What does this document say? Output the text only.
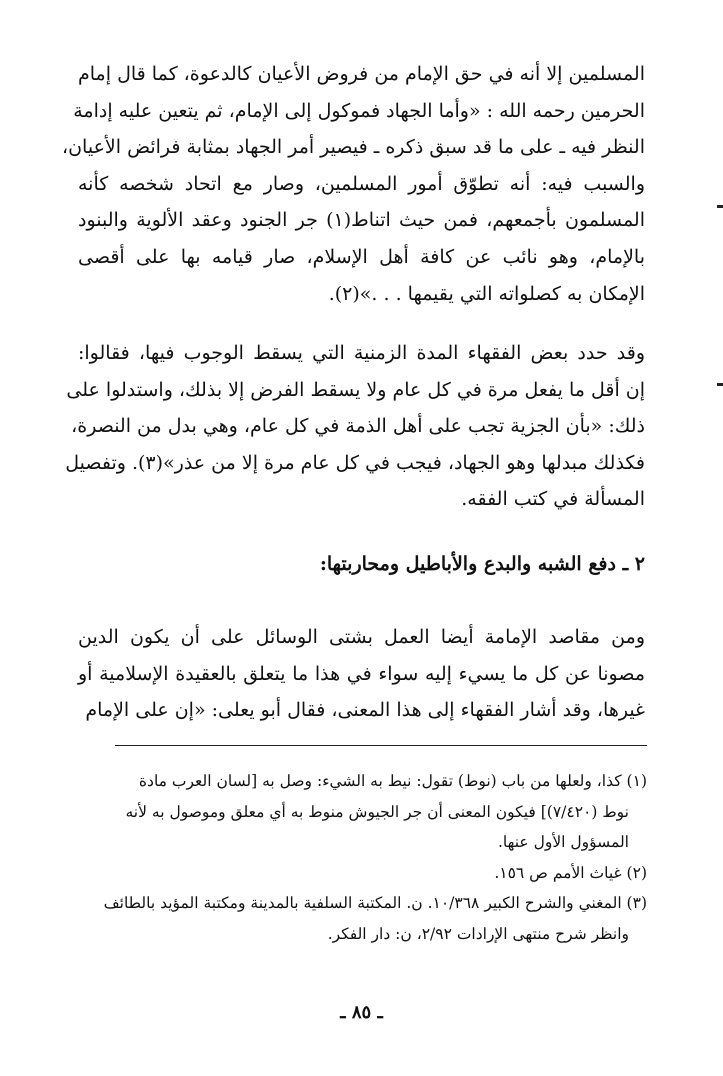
المسلمين إلا أنه في حق الإمام من فروض الأعيان كالدعوة، كما قال إمام
الحرمين رحمه الله : «وأما الجهاد فموكول إلى الإمام، ثم يتعين عليه إدامة
النظر فيه ـ على ما قد سبق ذكره ـ فيصير أمر الجهاد بمثابة فرائض الأعيان،
والسبب فيه: أنه تطوّق أمور المسلمين، وصار مع اتحاد شخصه كأنه
المسلمون بأجمعهم، فمن حيث اتناط(١) جر الجنود وعقد الألوية والبنود
بالإمام، وهو نائب عن كافة أهل الإسلام، صار قيامه بها على أقصى
الإمكان به كصلواته التي يقيمها . . .»(٢).
وقد حدد بعض الفقهاء المدة الزمنية التي يسقط الوجوب فيها، فقالوا:
إن أقل ما يفعل مرة في كل عام ولا يسقط الفرض إلا بذلك، واستدلوا على
ذلك: «بأن الجزية تجب على أهل الذمة في كل عام، وهي بدل من النصرة،
فكذلك مبدلها وهو الجهاد، فيجب في كل عام مرة إلا من عذر»(٣). وتفصيل
المسألة في كتب الفقه.
٢ ـ دفع الشبه والبدع والأباطيل ومحاربتها:
ومن مقاصد الإمامة أيضا العمل بشتى الوسائل على أن يكون الدين
مصونا عن كل ما يسيء إليه سواء في هذا ما يتعلق بالعقيدة الإسلامية أو
غيرها، وقد أشار الفقهاء إلى هذا المعنى، فقال أبو يعلى: «إن على الإمام
(١) كذا، ولعلها من باب (نوط) تقول: نيط به الشيء: وصل به [لسان العرب مادة
نوط (٧/٤٢٠)] فيكون المعنى أن جر الجيوش منوط به أي معلق وموصول به لأنه
المسؤول الأول عنها.
(٢) غياث الأمم ص ١٥٦.
(٣) المغني والشرح الكبير ١٠/٣٦٨. ن. المكتبة السلفية بالمدينة ومكتبة المؤيد بالطائف
وانظر شرح منتهى الإرادات ٢/٩٢، ن: دار الفكر.
ـ ٨٥ ـ
